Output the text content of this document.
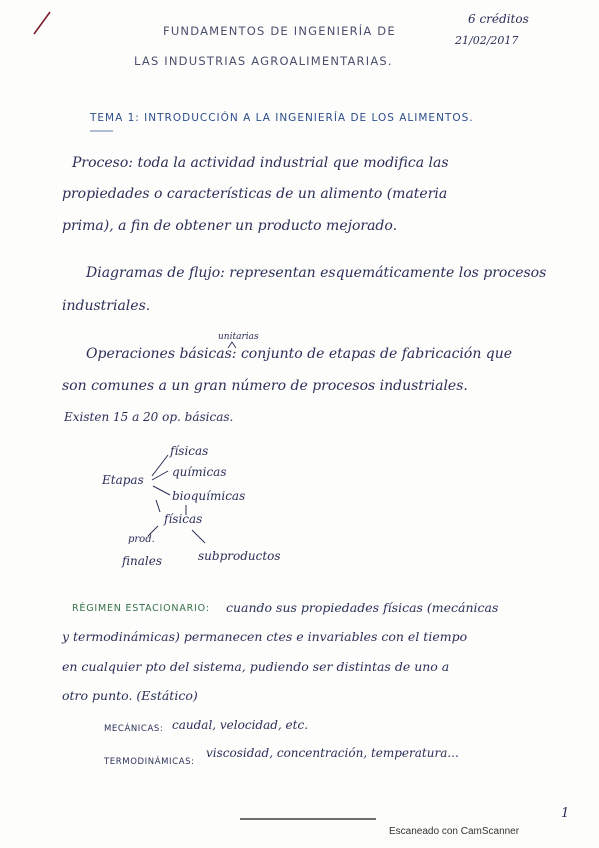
FUNDAMENTOS DE INGENIERÍA DE
LAS INDUSTRIAS AGROALIMENTARIAS.
6 créditos
21/02/2017
TEMA 1: INTRODUCCIÓN A LA INGENIERÍA DE LOS ALIMENTOS.
Proceso: toda la actividad industrial que modifica las
propiedades o características de un alimento (materia
prima), a fin de obtener un producto mejorado.
Diagramas de flujo: representan esquemáticamente los procesos
industriales.
unitarias
Operaciones básicas: conjunto de etapas de fabricación que
son comunes a un gran número de procesos industriales.
Existen 15 a 20 op. básicas.
Etapas
físicas
químicas
bioquímicas
físicas
prod.
finales	subproductos
RÉGIMEN ESTACIONARIO: cuando sus propiedades físicas (mecánicas
y termodinámicas) permanecen ctes e invariables con el tiempo
en cualquier pto del sistema, pudiendo ser distintas de uno a
otro punto. (Estático)
MECÁNICAS: caudal, velocidad, etc.
TERMODINÁMICAS:
viscosidad, concentración, temperatura...
1
Escaneado con CamScanner
